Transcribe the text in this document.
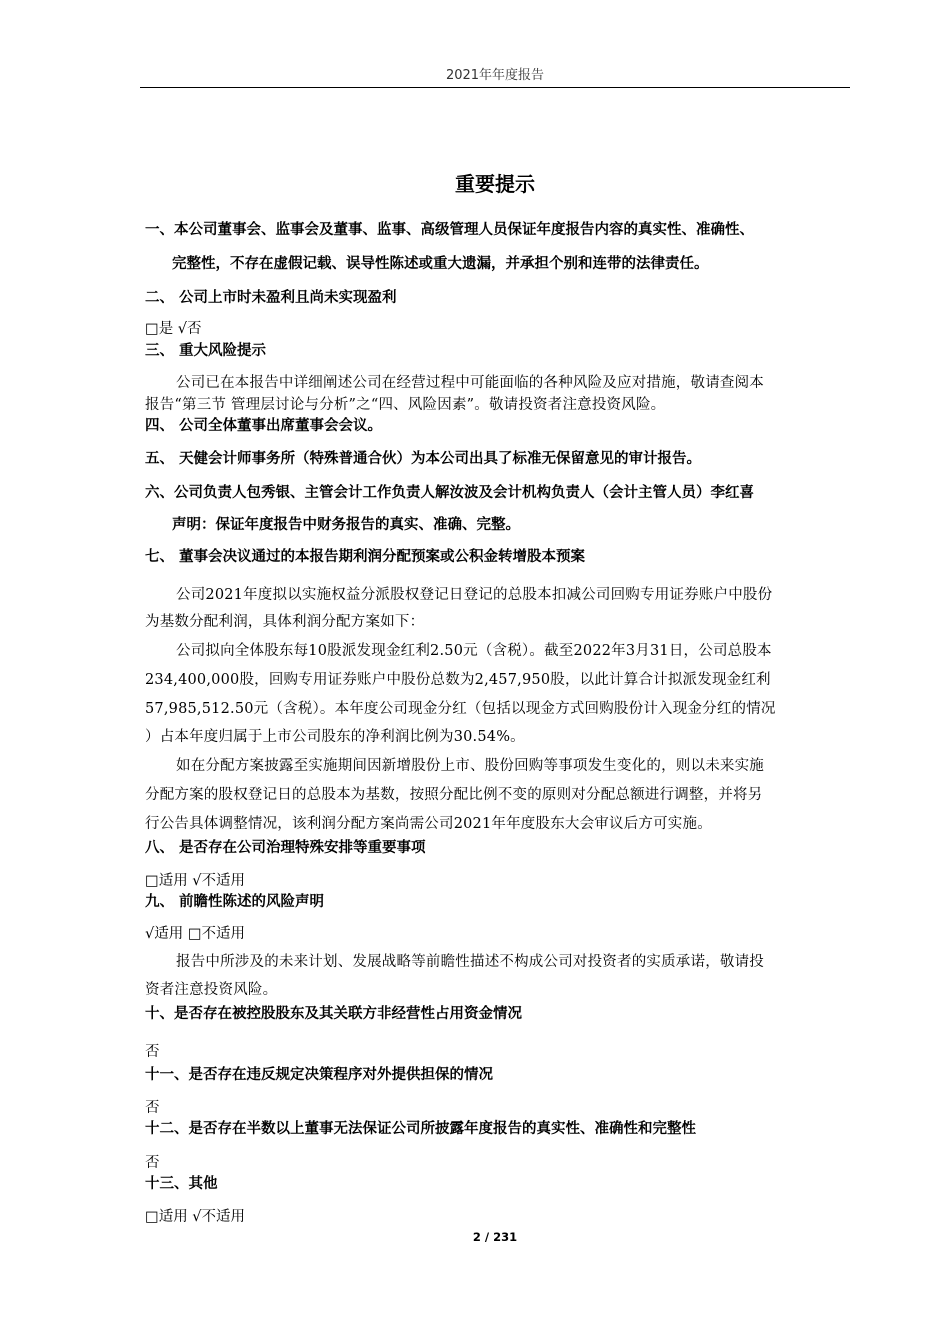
2021年年度报告
重要提示
一、本公司董事会、监事会及董事、监事、高级管理人员保证年度报告内容的真实性、准确性、
完整性，不存在虚假记载、误导性陈述或重大遗漏，并承担个别和连带的法律责任。
二、 公司上市时未盈利且尚未实现盈利
□是 √否
三、 重大风险提示
公司已在本报告中详细阐述公司在经营过程中可能面临的各种风险及应对措施，敬请查阅本
报告“第三节 管理层讨论与分析”之“四、风险因素”。敬请投资者注意投资风险。
四、 公司全体董事出席董事会会议。
五、 天健会计师事务所（特殊普通合伙）为本公司出具了标准无保留意见的审计报告。
六、公司负责人包秀银、主管会计工作负责人解汝波及会计机构负责人（会计主管人员）李红喜
声明：保证年度报告中财务报告的真实、准确、完整。
七、 董事会决议通过的本报告期利润分配预案或公积金转增股本预案
公司2021年度拟以实施权益分派股权登记日登记的总股本扣减公司回购专用证券账户中股份
为基数分配利润，具体利润分配方案如下：
公司拟向全体股东每10股派发现金红利2.50元（含税）。截至2022年3月31日，公司总股本
234,400,000股，回购专用证券账户中股份总数为2,457,950股，以此计算合计拟派发现金红利
57,985,512.50元（含税）。本年度公司现金分红（包括以现金方式回购股份计入现金分红的情况
）占本年度归属于上市公司股东的净利润比例为30.54%。
如在分配方案披露至实施期间因新增股份上市、股份回购等事项发生变化的，则以未来实施
分配方案的股权登记日的总股本为基数，按照分配比例不变的原则对分配总额进行调整，并将另
行公告具体调整情况，该利润分配方案尚需公司2021年年度股东大会审议后方可实施。
八、 是否存在公司治理特殊安排等重要事项
□适用 √不适用
九、 前瞻性陈述的风险声明
√适用 □不适用
报告中所涉及的未来计划、发展战略等前瞻性描述不构成公司对投资者的实质承诺，敬请投
资者注意投资风险。
十、是否存在被控股股东及其关联方非经营性占用资金情况
否
十一、是否存在违反规定决策程序对外提供担保的情况
否
十二、是否存在半数以上董事无法保证公司所披露年度报告的真实性、准确性和完整性
否
十三、其他
□适用 √不适用
2 / 231
